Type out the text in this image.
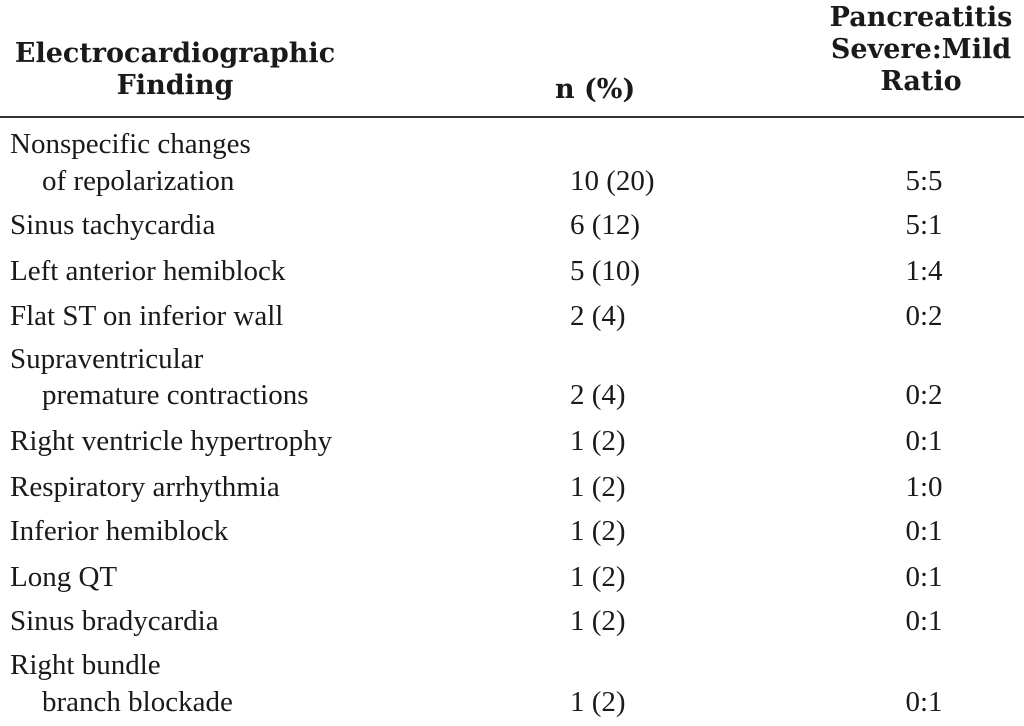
Electrocardiographic
Finding	n (%)
Pancreatitis
Severe:Mild
Ratio
Nonspecific changes
of repolarization	10 (20)	5:5
Sinus tachycardia	6 (12)	5:1
Left anterior hemiblock	5 (10)	1:4
Flat ST on inferior wall	2 (4)	0:2
Supraventricular
premature contractions	2 (4)	0:2
Right ventricle hypertrophy	1 (2)	0:1
Respiratory arrhythmia	1 (2)	1:0
Inferior hemiblock	1 (2)	0:1
Long QT	1 (2)	0:1
Sinus bradycardia	1 (2)	0:1
Right bundle
branch blockade	1 (2)	0:1
